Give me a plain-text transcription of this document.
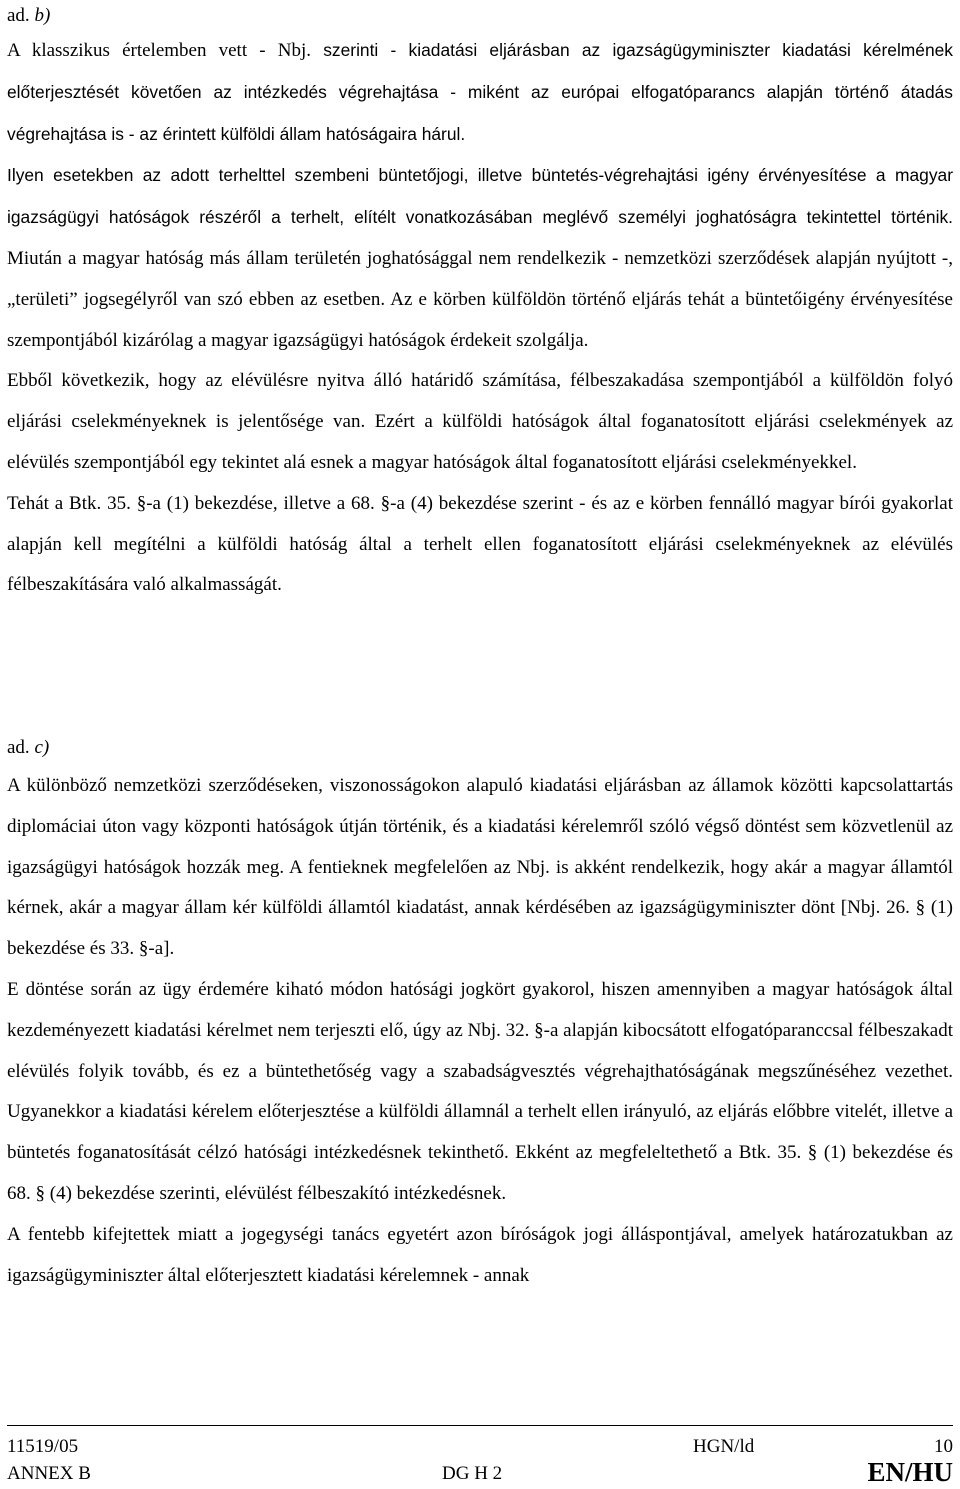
ad. b)

A klasszikus értelemben vett - Nbj. szerinti - kiadatási eljárásban az igazságügyminiszter kiadatási kérelmének előterjesztését követően az intézkedés végrehajtása - miként az európai elfogatóparancs alapján történő átadás végrehajtása is - az érintett külföldi állam hatóságaira hárul.

Ilyen esetekben az adott terhelttel szembeni büntetőjogi, illetve büntetés-végrehajtási igény érvényesítése a magyar igazságügyi hatóságok részéről a terhelt, elítélt vonatkozásában meglévő személyi joghatóságra tekintettel történik. Miután a magyar hatóság más állam területén joghatósággal nem rendelkezik - nemzetközi szerződések alapján nyújtott -, „területi” jogsegélyről van szó ebben az esetben. Az e körben külföldön történő eljárás tehát a büntetőigény érvényesítése szempontjából kizárólag a magyar igazságügyi hatóságok érdekeit szolgálja.

Ebből következik, hogy az elévülésre nyitva álló határidő számítása, félbeszakadása szempontjából a külföldön folyó eljárási cselekményeknek is jelentősége van. Ezért a külföldi hatóságok által foganatosított eljárási cselekmények az elévülés szempontjából egy tekintet alá esnek a magyar hatóságok által foganatosított eljárási cselekményekkel.

Tehát a Btk. 35. §-a (1) bekezdése, illetve a 68. §-a (4) bekezdése szerint - és az e körben fennálló magyar bírói gyakorlat alapján kell megítélni a külföldi hatóság által a terhelt ellen foganatosított eljárási cselekményeknek az elévülés félbeszakítására való alkalmasságát.

ad. c)

A különböző nemzetközi szerződéseken, viszonosságokon alapuló kiadatási eljárásban az államok közötti kapcsolattartás diplomáciai úton vagy központi hatóságok útján történik, és a kiadatási kérelemről szóló végső döntést sem közvetlenül az igazságügyi hatóságok hozzák meg. A fentieknek megfelelően az Nbj. is akként rendelkezik, hogy akár a magyar államtól kérnek, akár a magyar állam kér külföldi államtól kiadatást, annak kérdésében az igazságügyminiszter dönt [Nbj. 26. § (1) bekezdése és 33. §-a].

E döntése során az ügy érdemére kiható módon hatósági jogkört gyakorol, hiszen amennyiben a magyar hatóságok által kezdeményezett kiadatási kérelmet nem terjeszti elő, úgy az Nbj. 32. §-a alapján kibocsátott elfogatóparanccsal félbeszakadt elévülés folyik tovább, és ez a büntethetőség vagy a szabadságvesztés végrehajthatóságának megszűnéséhez vezethet. Ugyanekkor a kiadatási kérelem előterjesztése a külföldi államnál a terhelt ellen irányuló, az eljárás előbbre vitelét, illetve a büntetés foganatosítását célzó hatósági intézkedésnek tekinthető. Ekként az megfeleltethető a Btk. 35. § (1) bekezdése és 68. § (4) bekezdése szerinti, elévülést félbeszakító intézkedésnek.

A fentebb kifejtettek miatt a jogegységi tanács egyetért azon bíróságok jogi álláspontjával, amelyek határozatukban az igazságügyminiszter által előterjesztett kiadatási kérelemnek - annak

11519/05	HGN/ld	10
ANNEX B	DG H 2	EN/HU
